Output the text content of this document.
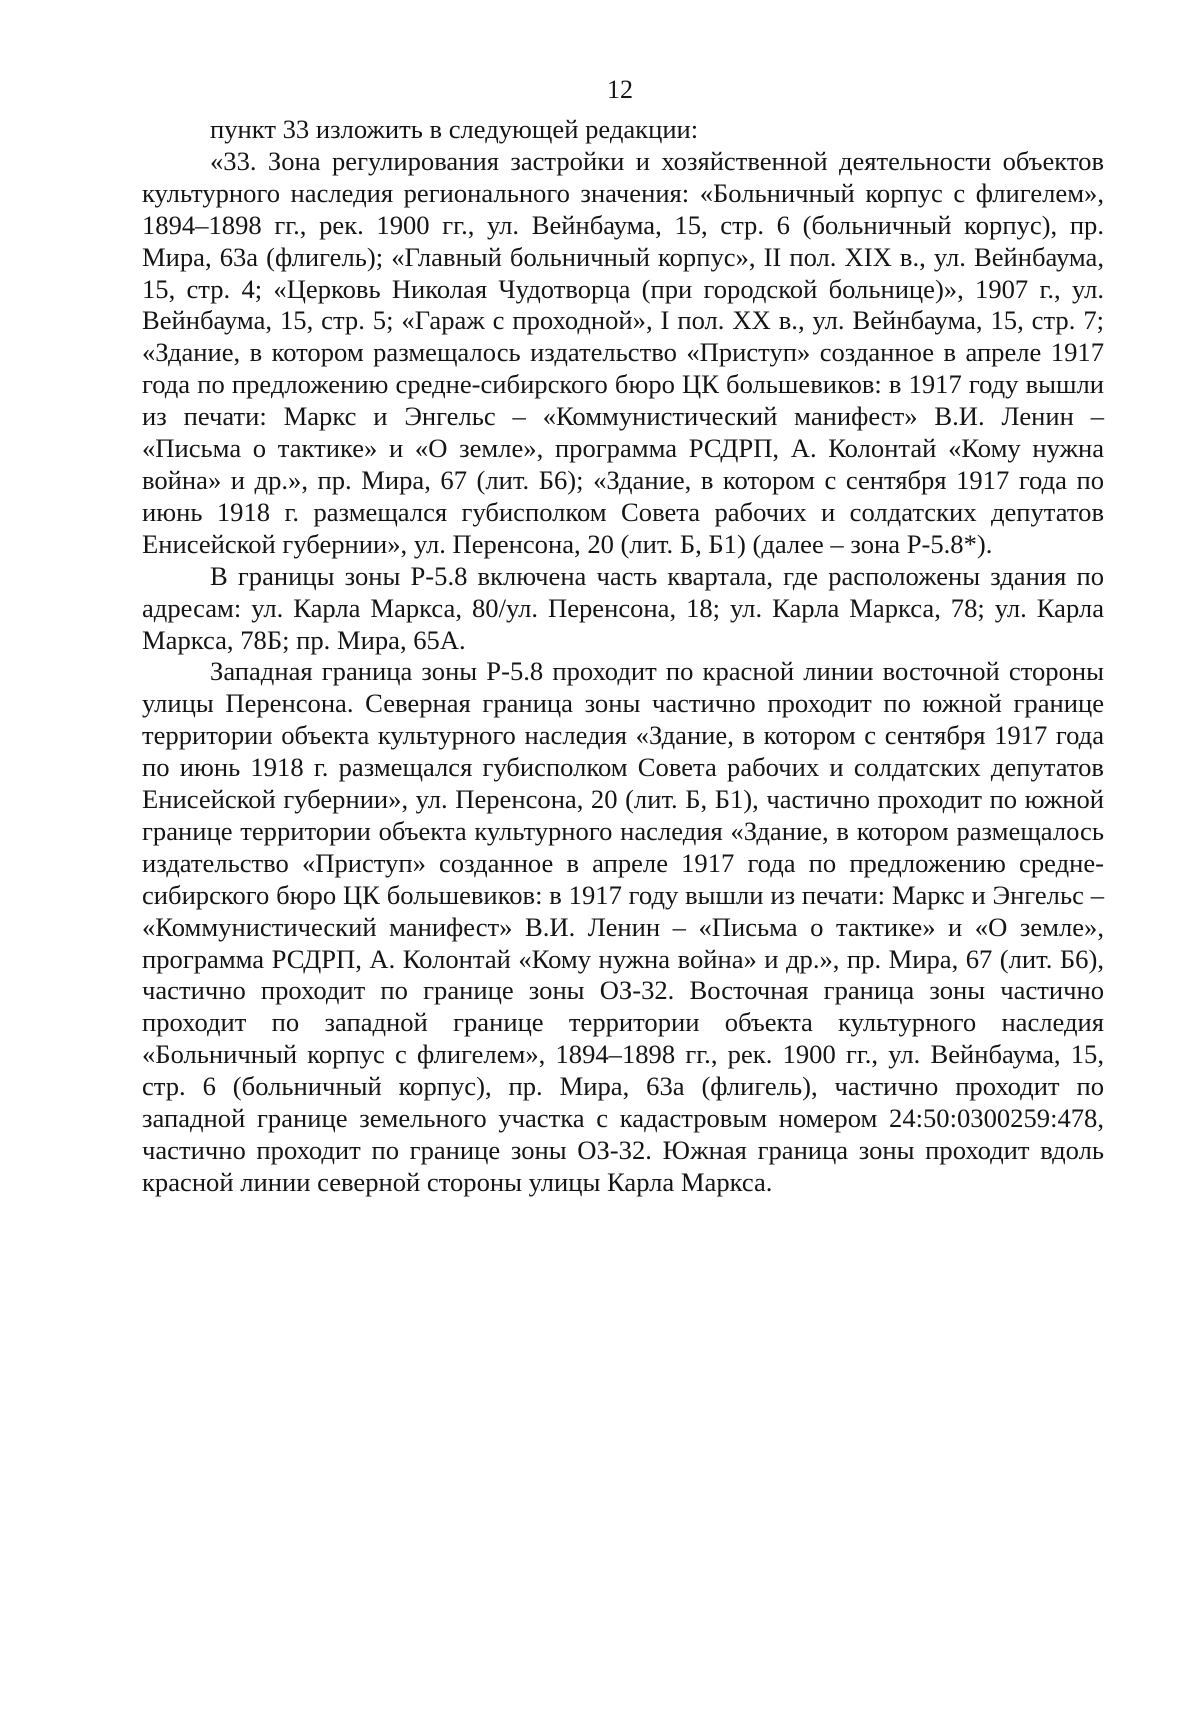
12

пункт 33 изложить в следующей редакции:

«33. Зона регулирования застройки и хозяйственной деятельности объектов культурного наследия регионального значения: «Больничный корпус с флигелем», 1894–1898 гг., рек. 1900 гг., ул. Вейнбаума, 15, стр. 6 (больничный корпус), пр. Мира, 63а (флигель); «Главный больничный корпус», II пол. XIX в., ул. Вейнбаума, 15, стр. 4; «Церковь Николая Чудотворца (при городской больнице)», 1907 г., ул. Вейнбаума, 15, стр. 5; «Гараж с проходной», I пол. XX в., ул. Вейнбаума, 15, стр. 7; «Здание, в котором размещалось издательство «Приступ» созданное в апреле 1917 года по предложению средне-сибирского бюро ЦК большевиков: в 1917 году вышли из печати: Маркс и Энгельс – «Коммунистический манифест» В.И. Ленин – «Письма о тактике» и «О земле», программа РСДРП, А. Колонтай «Кому нужна война» и др.», пр. Мира, 67 (лит. Б6); «Здание, в котором с сентября 1917 года по июнь 1918 г. размещался губисполком Совета рабочих и солдатских депутатов Енисейской губернии», ул. Перенсона, 20 (лит. Б, Б1) (далее – зона Р-5.8*).

В границы зоны Р-5.8 включена часть квартала, где расположены здания по адресам: ул. Карла Маркса, 80/ул. Перенсона, 18; ул. Карла Маркса, 78; ул. Карла Маркса, 78Б; пр. Мира, 65А.

Западная граница зоны Р-5.8 проходит по красной линии восточной стороны улицы Перенсона. Северная граница зоны частично проходит по южной границе территории объекта культурного наследия «Здание, в котором с сентября 1917 года по июнь 1918 г. размещался губисполком Совета рабочих и солдатских депутатов Енисейской губернии», ул. Перенсона, 20 (лит. Б, Б1), частично проходит по южной границе территории объекта культурного наследия «Здание, в котором размещалось издательство «Приступ» созданное в апреле 1917 года по предложению средне-сибирского бюро ЦК большевиков: в 1917 году вышли из печати: Маркс и Энгельс – «Коммунистический манифест» В.И. Ленин – «Письма о тактике» и «О земле», программа РСДРП, А. Колонтай «Кому нужна война» и др.», пр. Мира, 67 (лит. Б6), частично проходит по границе зоны ОЗ-32. Восточная граница зоны частично проходит по западной границе территории объекта культурного наследия «Больничный корпус с флигелем», 1894–1898 гг., рек. 1900 гг., ул. Вейнбаума, 15, стр. 6 (больничный корпус), пр. Мира, 63а (флигель), частично проходит по западной границе земельного участка с кадастровым номером 24:50:0300259:478, частично проходит по границе зоны ОЗ-32. Южная граница зоны проходит вдоль красной линии северной стороны улицы Карла Маркса.
